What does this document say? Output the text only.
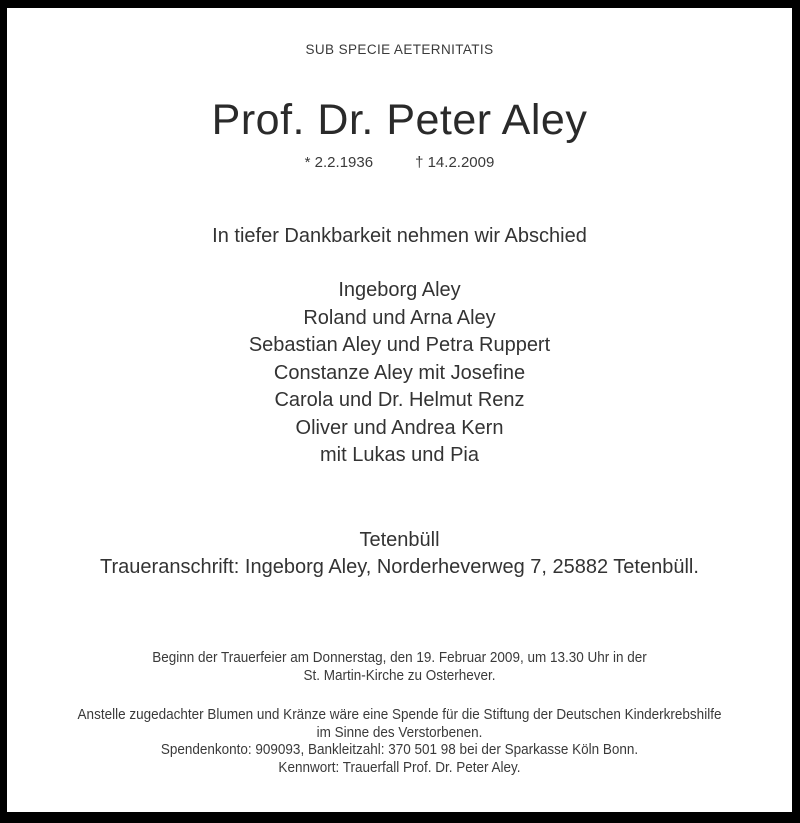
SUB SPECIE AETERNITATIS
Prof. Dr. Peter Aley
* 2.2.1936	† 14.2.2009
In tiefer Dankbarkeit nehmen wir Abschied
Ingeborg Aley
Roland und Arna Aley
Sebastian Aley und Petra Ruppert
Constanze Aley mit Josefine
Carola und Dr. Helmut Renz
Oliver und Andrea Kern
mit Lukas und Pia
Tetenbüll
Traueranschrift: Ingeborg Aley, Norderheverweg 7, 25882 Tetenbüll.
Beginn der Trauerfeier am Donnerstag, den 19. Februar 2009, um 13.30 Uhr in der
St. Martin-Kirche zu Osterhever.
Anstelle zugedachter Blumen und Kränze wäre eine Spende für die Stiftung der Deutschen Kinderkrebshilfe
im Sinne des Verstorbenen.
Spendenkonto: 909093, Bankleitzahl: 370 501 98 bei der Sparkasse Köln Bonn.
Kennwort: Trauerfall Prof. Dr. Peter Aley.
